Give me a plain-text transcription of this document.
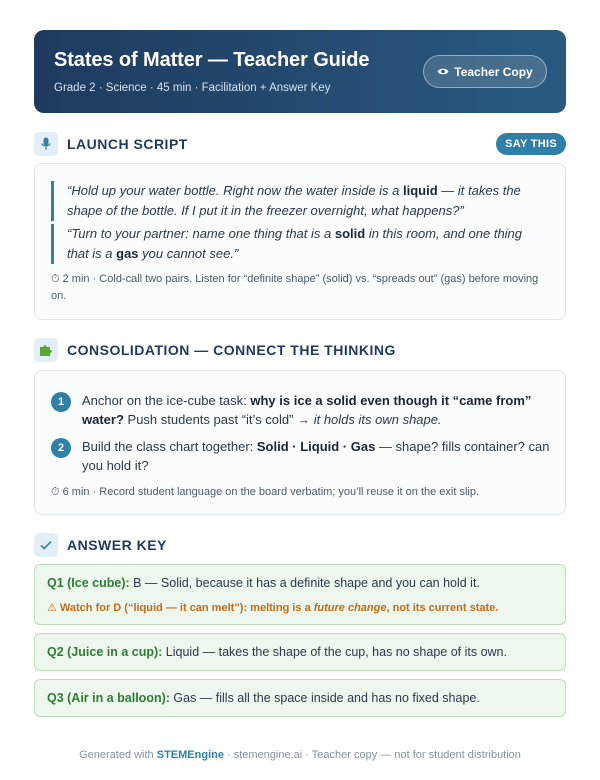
States of Matter — Teacher Guide
Grade 2 · Science · 45 min · Facilitation + Answer Key
Teacher Copy
LAUNCH SCRIPT	SAY THIS
“Hold up your water bottle. Right now the water inside is a liquid — it takes the shape of the bottle. If I put it in the freezer overnight, what happens?”
“Turn to your partner: name one thing that is a solid in this room, and one thing that is a gas you cannot see.”
⏱ 2 min · Cold-call two pairs. Listen for “definite shape” (solid) vs. “spreads out” (gas) before moving on.
CONSOLIDATION — CONNECT THE THINKING
1	Anchor on the ice-cube task: why is ice a solid even though it “came from” water? Push students past “it’s cold” → it holds its own shape.
2	Build the class chart together: Solid · Liquid · Gas — shape? fills container? can you hold it?
⏱ 6 min · Record student language on the board verbatim; you’ll reuse it on the exit slip.
ANSWER KEY
Q1 (Ice cube): B — Solid, because it has a definite shape and you can hold it.
⚠ Watch for D (“liquid — it can melt”): melting is a future change, not its current state.
Q2 (Juice in a cup): Liquid — takes the shape of the cup, has no shape of its own.
Q3 (Air in a balloon): Gas — fills all the space inside and has no fixed shape.
Generated with STEMEngine · stemengine.ai · Teacher copy — not for student distribution
